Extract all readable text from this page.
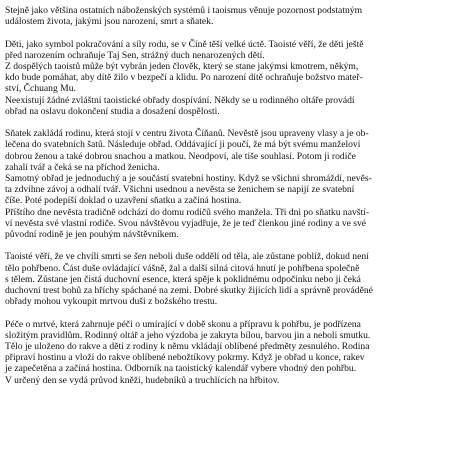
Stejně jako většina ostatních náboženských systémů i taoismus věnuje pozornost podstatným
událostem života, jakými jsou narození, smrt a sňatek.
Děti, jako symbol pokračování a síly rodu, se v Číně těší velké úctě. Taoisté věří, že děti ještě
před narozením ochraňuje Taj Sen, strážný duch nenarozených dětí.
Z dospělých taoistů může být vybrán jeden člověk, který se stane jakýmsi kmotrem, někým,
kdo bude pomáhat, aby dítě žilo v bezpečí a klidu. Po narození dítě ochraňuje božstvo mateř-
ství, Čchuang Mu.
Neexistují žádné zvláštní taoistické obřady dospívání. Někdy se u rodinného oltáře provádí
obřad na oslavu dokončení studia a dosažení dospělosti.
Sňatek zakládá rodinu, která stojí v centru života Číňanů. Nevěstě jsou upraveny vlasy a je ob-
lečena do svatebních šatů. Následuje obřad. Oddávající ji poučí, že má být svému manželovi
dobrou ženou a také dobrou snachou a matkou. Neodpoví, ale tiše souhlasí. Potom ji rodiče
zahalí tvář a čeká se na příchod ženicha.
Samotný obřad je jednoduchý a je součástí svatební hostiny. Když se všichni shromáždí, nevěs-
ta zdvihne závoj a odhalí tvář. Všichni usednou a nevěsta se ženichem se napijí ze svatební
číše. Poté podepíší doklad o uzavření sňatku a začíná hostina.
Příštího dne nevěsta tradičně odchází do domu rodičů svého manžela. Tři dni po sňatku navští-
ví nevěsta své vlastní rodiče. Svou návštěvou vyjadřuje, že je teď členkou jiné rodiny a ve své
původní rodině je jen pouhým návštěvníkem.
Taoisté věří, že ve chvíli smrti se šen neboli duše oddělí od těla, ale zůstane poblíž, dokud není
tělo pohřbeno. Část duše ovládající vášně, žal a další silná citová hnutí je pohřbena společně
s tělem. Zůstane jen čistá duchovní esence, která spěje k poklidnému odpočinku nebo ji čeká
duchovní trest bohů za hříchy spáchané na zemi. Dobré skutky žijících lidí a správně prováděné
obřady mohou vykoupit mrtvou duši z božského trestu.
Péče o mrtvé, která zahrnuje péči o umírající v době skonu a přípravu k pohřbu, je podřízena
složitým pravidlům. Rodinný oltář a jeho výzdoba je zakryta bílou, barvou jin a neboli smutku.
Tělo je uloženo do rakve a děti z rodiny k němu vkládají oblíbené předměty zesnulého. Rodina
připraví hostinu a vloží do rakve oblíbené nebožtíkovy pokrmy. Když je obřad u konce, rakev
je zapečetěna a začíná hostina. Odborník na taoistický kalendář vybere vhodný den pohřbu.
V určený den se vydá průvod kněží, hudebníků a truchlících na hřbitov.
